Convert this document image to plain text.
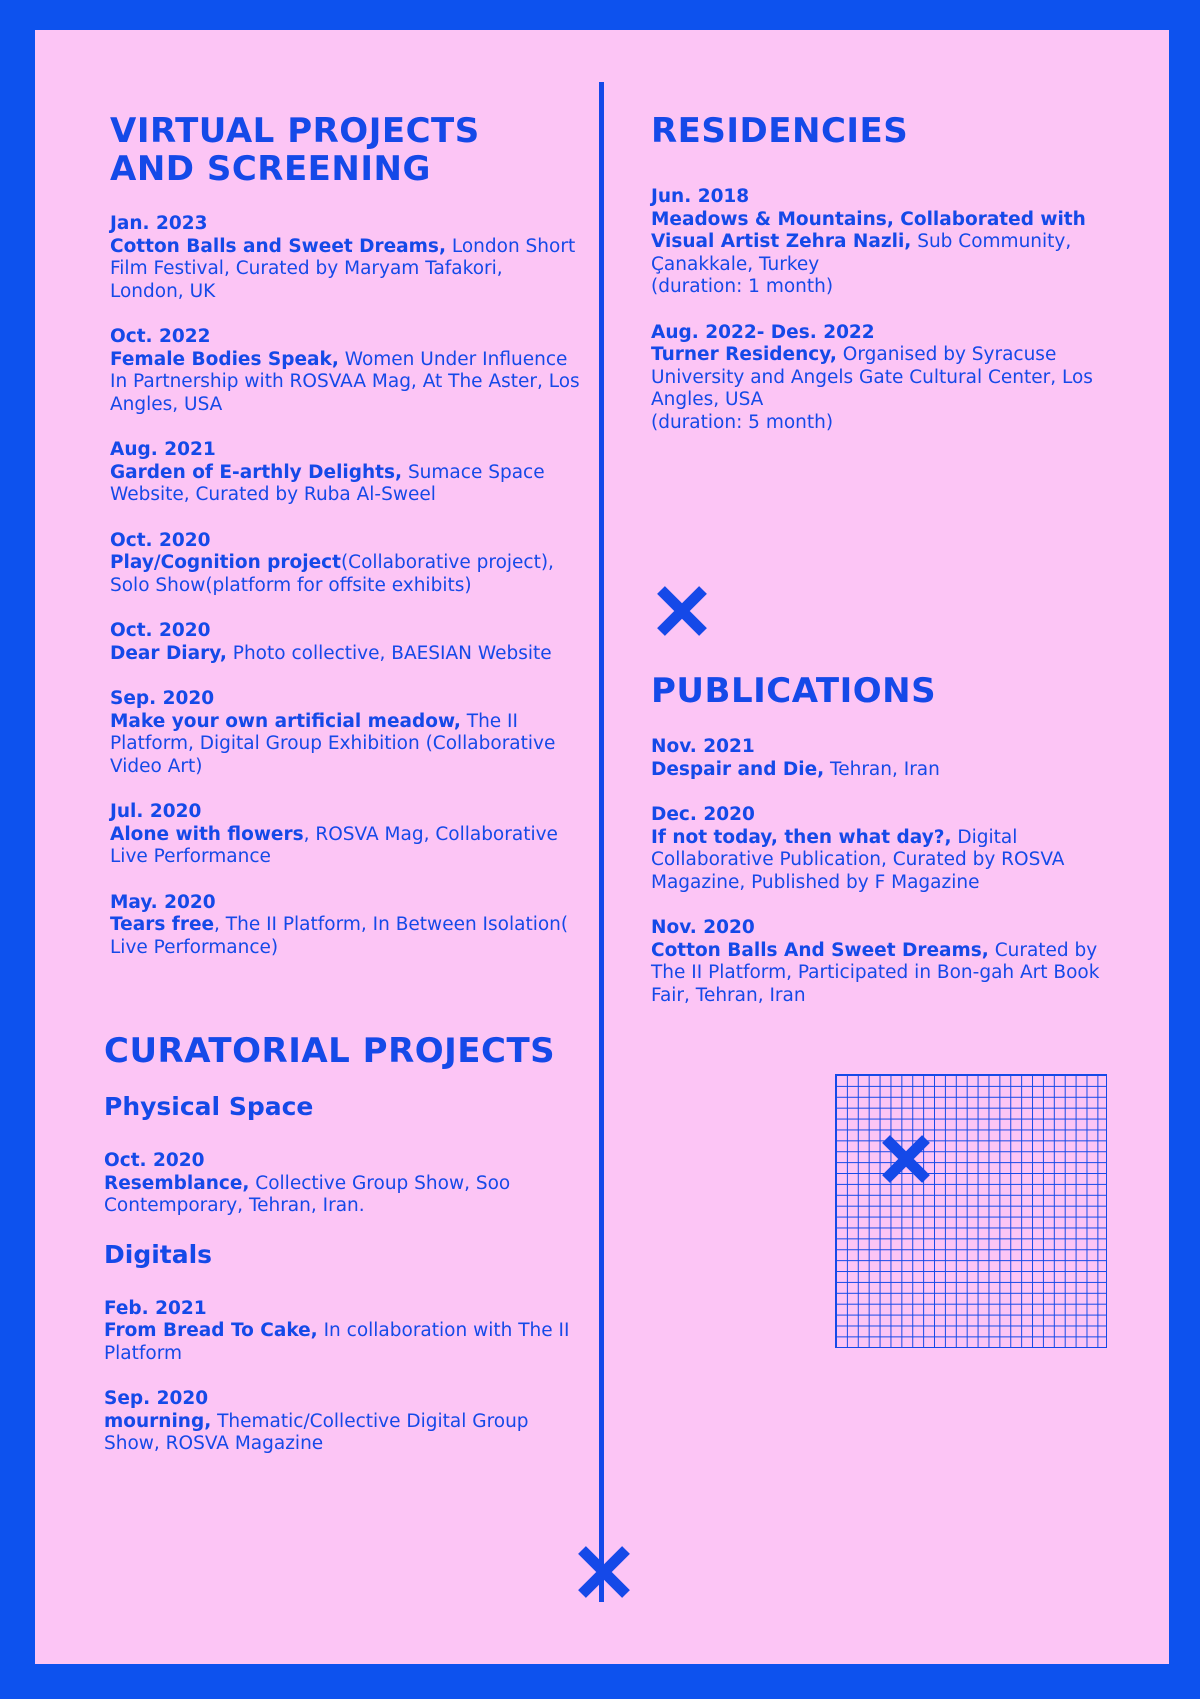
VIRTUAL PROJECTS
AND SCREENING
Jan. 2023
Cotton Balls and Sweet Dreams, London Short Film Festival, Curated by Maryam Tafakori, London, UK
Oct. 2022
Female Bodies Speak, Women Under Influence In Partnership with ROSVAA Mag, At The Aster, Los Angles, USA
Aug. 2021
Garden of E-arthly Delights, Sumace Space Website, Curated by Ruba Al-Sweel
Oct. 2020
Play/Cognition project(Collaborative project), Solo Show(platform for offsite exhibits)
Oct. 2020
Dear Diary, Photo collective, BAESIAN Website
Sep. 2020
Make your own artificial meadow, The II Platform, Digital Group Exhibition (Collaborative Video Art)
Jul. 2020
Alone with flowers, ROSVA Mag, Collaborative Live Performance
May. 2020
Tears free, The II Platform, In Between Isolation( Live Performance)
CURATORIAL PROJECTS
Physical Space
Oct. 2020
Resemblance, Collective Group Show, Soo Contemporary, Tehran, Iran.
Digitals
Feb. 2021
From Bread To Cake, In collaboration with The II Platform
Sep. 2020
mourning, Thematic/Collective Digital Group Show, ROSVA Magazine
RESIDENCIES
Jun. 2018
Meadows & Mountains, Collaborated with Visual Artist Zehra Nazli, Sub Community, Çanakkale, Turkey
(duration: 1 month)
Aug. 2022- Des. 2022
Turner Residency, Organised by Syracuse University and Angels Gate Cultural Center, Los Angles, USA
(duration: 5 month)
PUBLICATIONS
Nov. 2021
Despair and Die, Tehran, Iran
Dec. 2020
If not today, then what day?, Digital Collaborative Publication, Curated by ROSVA Magazine, Published by F Magazine
Nov. 2020
Cotton Balls And Sweet Dreams, Curated by The II Platform, Participated in Bon-gah Art Book Fair, Tehran, Iran
